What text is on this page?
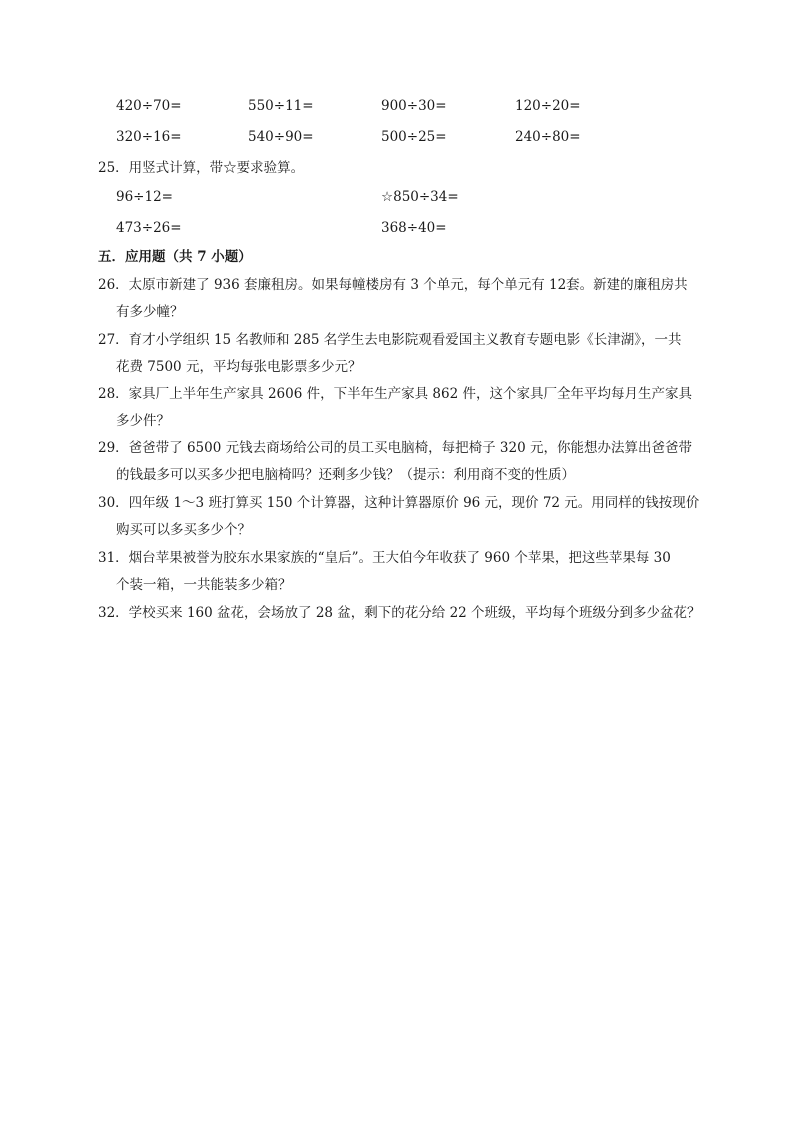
420÷70=	550÷11=	900÷30=	120÷20=
320÷16=	540÷90=	500÷25=	240÷80=
25．用竖式计算，带☆要求验算。
96÷12=	☆850÷34=
473÷26=	368÷40=
五．应用题（共 7 小题）
26．太原市新建了 936 套廉租房。如果每幢楼房有 3 个单元，每个单元有 12套。新建的廉租房共
有多少幢？
27．育才小学组织 15 名教师和 285 名学生去电影院观看爱国主义教育专题电影《长津湖》，一共
花费 7500 元，平均每张电影票多少元？
28．家具厂上半年生产家具 2606 件，下半年生产家具 862 件，这个家具厂全年平均每月生产家具
多少件？
29．爸爸带了 6500 元钱去商场给公司的员工买电脑椅，每把椅子 320 元，你能想办法算出爸爸带
的钱最多可以买多少把电脑椅吗？还剩多少钱？（提示：利用商不变的性质）
30．四年级 1～3 班打算买 150 个计算器，这种计算器原价 96 元，现价 72 元。用同样的钱按现价
购买可以多买多少个？
31．烟台苹果被誉为胶东水果家族的“皇后”。王大伯今年收获了 960 个苹果，把这些苹果每 30
个装一箱，一共能装多少箱？
32．学校买来 160 盆花，会场放了 28 盆，剩下的花分给 22 个班级，平均每个班级分到多少盆花？
